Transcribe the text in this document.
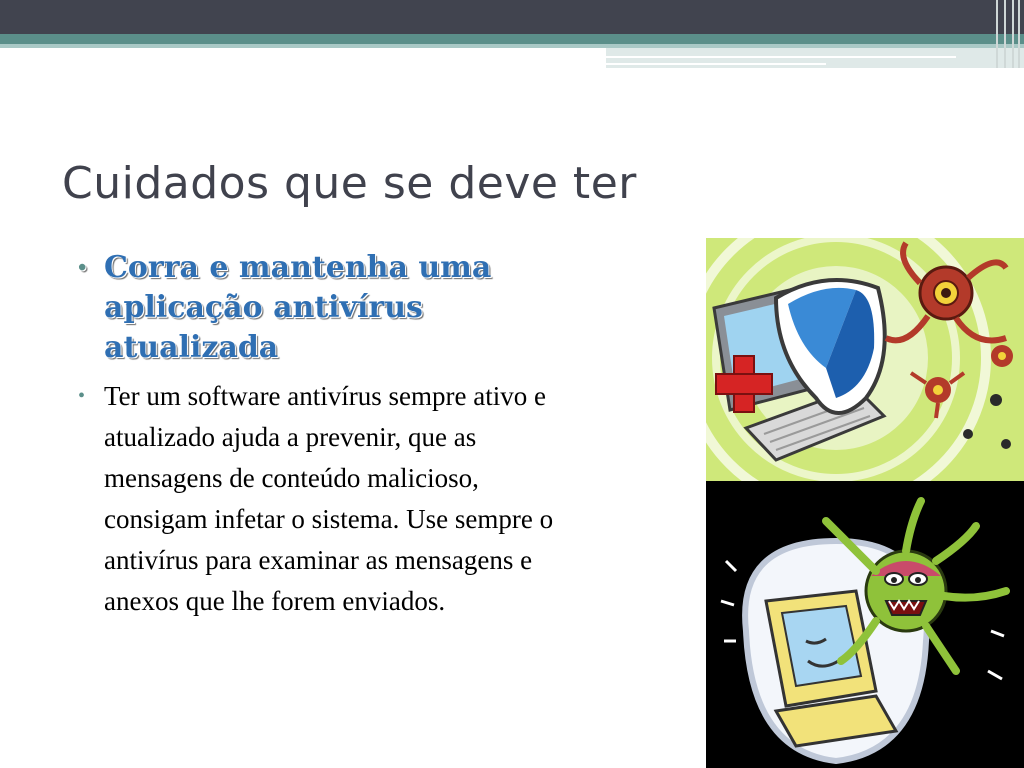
Cuidados que se deve ter
• Corra e mantenha uma aplicação antivírus atualizada
• Ter um software antivírus sempre ativo e atualizado ajuda a prevenir, que as mensagens de conteúdo malicioso, consigam infetar o sistema. Use sempre o antivírus para examinar as mensagens e anexos que lhe forem enviados.
